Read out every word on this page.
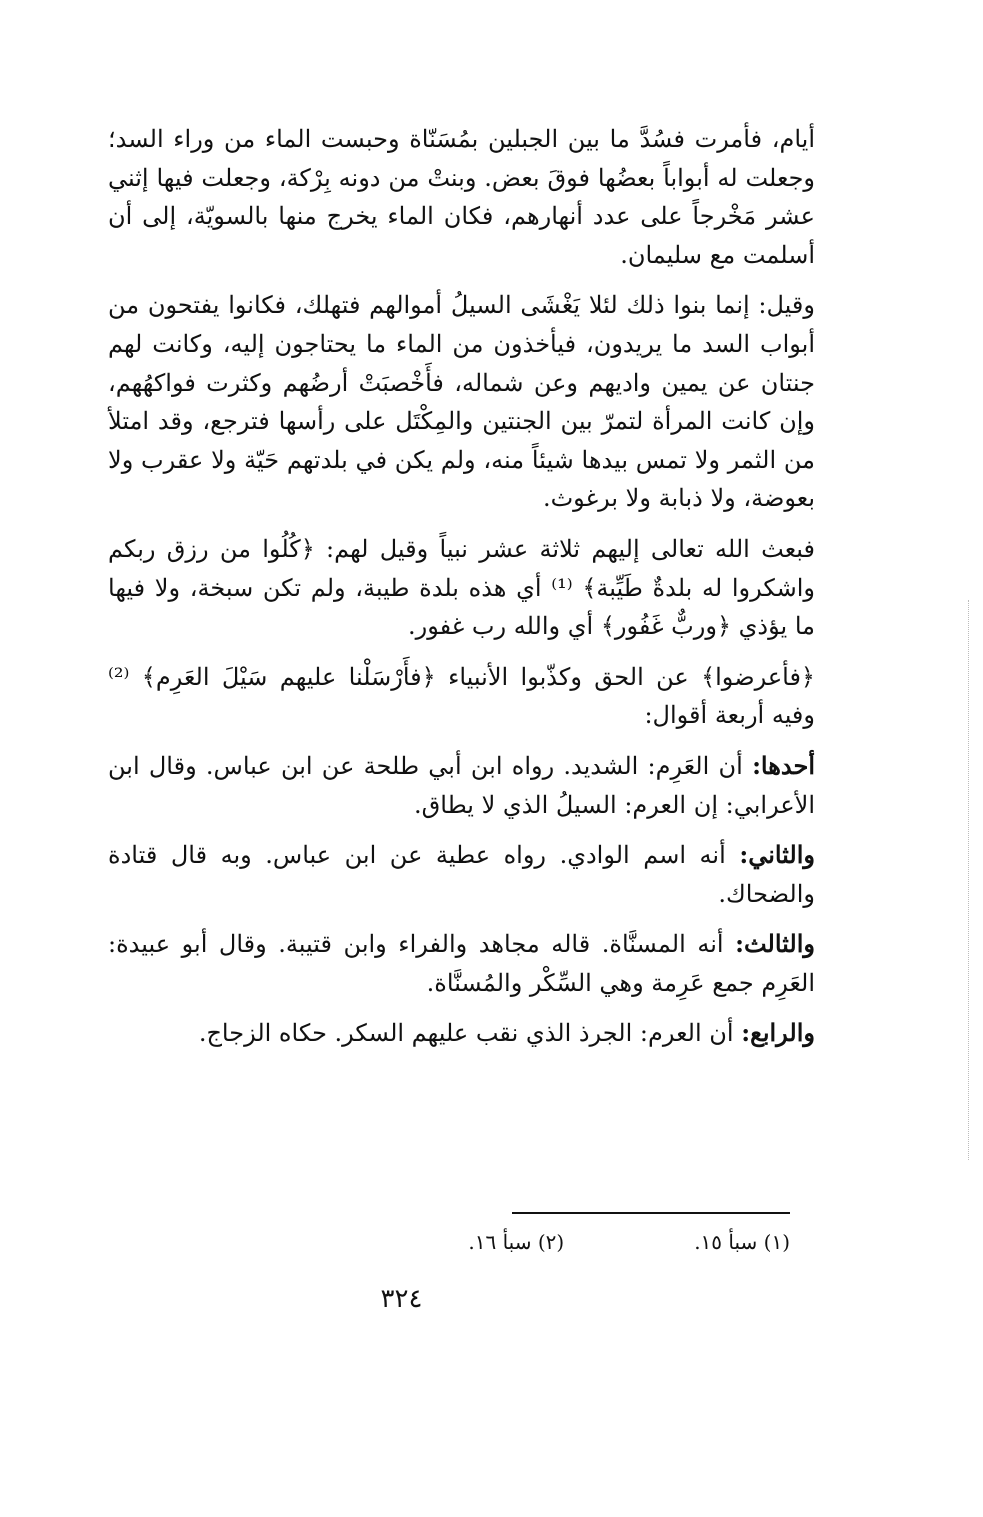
أيام، فأمرت فسُدَّ ما بين الجبلين بمُسَنّاة وحبست الماء من وراء السد؛ وجعلت له أبواباً بعضُها فوقَ بعض. وبنتْ من دونه بِرْكة، وجعلت فيها إثني عشر مَخْرجاً على عدد أنهارهم، فكان الماء يخرج منها بالسويّة، إلى أن أسلمت مع سليمان.

وقيل: إنما بنوا ذلك لئلا يَغْشَى السيلُ أموالهم فتهلك، فكانوا يفتحون من أبواب السد ما يريدون، فيأخذون من الماء ما يحتاجون إليه، وكانت لهم جنتان عن يمين واديهم وعن شماله، فأَخْصبَتْ أرضُهم وكثرت فواكهُهم، وإن كانت المرأة لتمرّ بين الجنتين والمِكْتَل على رأسها فترجع، وقد امتلأ من الثمر ولا تمس بيدها شيئاً منه، ولم يكن في بلدتهم حَيّة ولا عقرب ولا بعوضة، ولا ذبابة ولا برغوث.

فبعث الله تعالى إليهم ثلاثة عشر نبياً وقيل لهم: ﴿كُلُوا من رزق ربكم واشكروا له بلدةٌ طَيِّبة﴾ ⁽¹⁾ أي هذه بلدة طيبة، ولم تكن سبخة، ولا فيها ما يؤذي ﴿وربٌّ غَفُور﴾ أي والله رب غفور.

﴿فأعرضوا﴾ عن الحق وكذّبوا الأنبياء ﴿فأَرْسَلْنا عليهم سَيْلَ العَرِم﴾ ⁽²⁾ وفيه أربعة أقوال:

أحدها: أن العَرِم: الشديد. رواه ابن أبي طلحة عن ابن عباس. وقال ابن الأعرابي: إن العرم: السيلُ الذي لا يطاق.

والثاني: أنه اسم الوادي. رواه عطية عن ابن عباس. وبه قال قتادة والضحاك.

والثالث: أنه المسنَّاة. قاله مجاهد والفراء وابن قتيبة. وقال أبو عبيدة: العَرِم جمع عَرِمة وهي السِّكْر والمُسنَّاة.

والرابع: أن العرم: الجرذ الذي نقب عليهم السكر. حكاه الزجاج.

(١) سبأ ١٥.
(٢) سبأ ١٦.
٣٢٤
